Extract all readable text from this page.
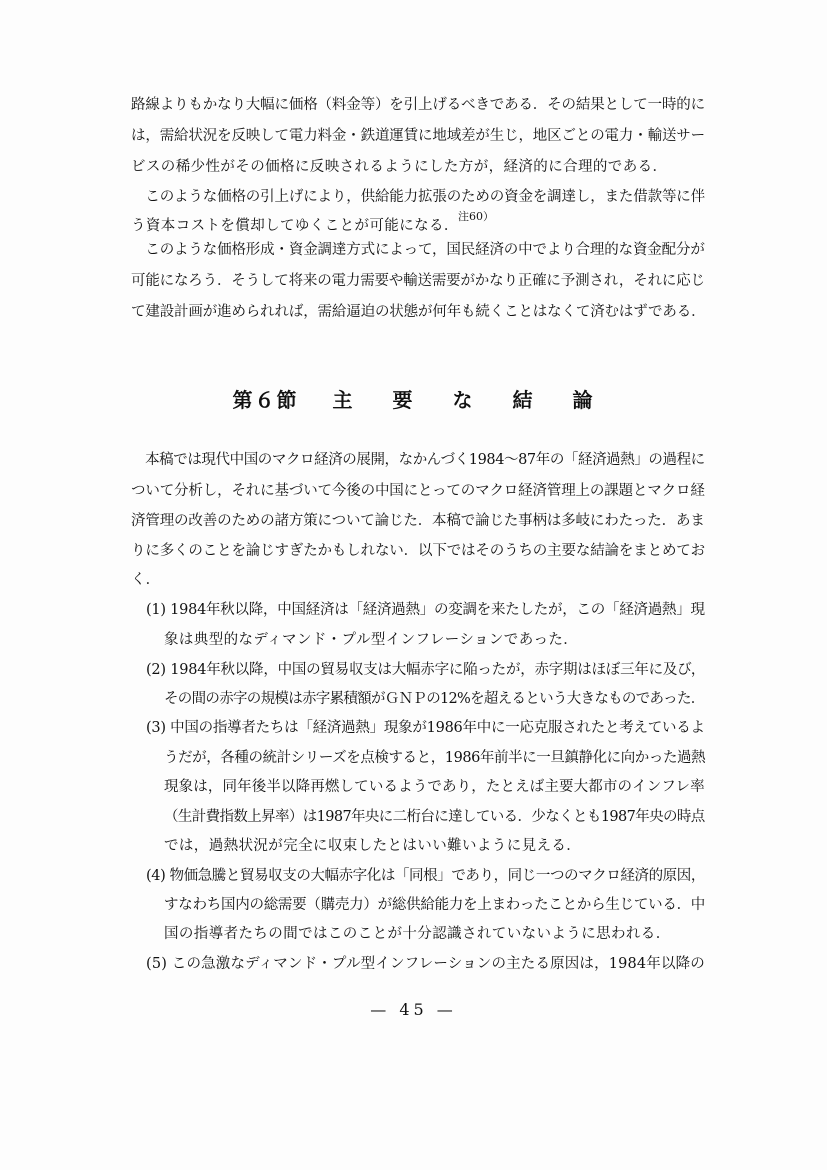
路線よりもかなり大幅に価格（料金等）を引上げるべきである．その結果として一時的に
は，需給状況を反映して電力料金・鉄道運賃に地域差が生じ，地区ごとの電力・輸送サー
ビスの稀少性がその価格に反映されるようにした方が，経済的に合理的である．
　このような価格の引上げにより，供給能力拡張のための資金を調達し，また借款等に伴
う資本コストを償却してゆくことが可能になる．
注60）
　このような価格形成・資金調達方式によって，国民経済の中でより合理的な資金配分が
可能になろう．そうして将来の電力需要や輸送需要がかなり正確に予測され，それに応じ
て建設計画が進められれば，需給逼迫の状態が何年も続くことはなくて済むはずである．
第６節 主 要 な 結 論
　本稿では現代中国のマクロ経済の展開，なかんづく1984～87年の「経済過熱」の過程に
ついて分析し，それに基づいて今後の中国にとってのマクロ経済管理上の課題とマクロ経
済管理の改善のための諸方策について論じた．本稿で論じた事柄は多岐にわたった．あま
りに多くのことを論じすぎたかもしれない．以下ではそのうちの主要な結論をまとめてお
く．
(1) 1984年秋以降，中国経済は「経済過熱」の変調を来たしたが，この「経済過熱」現
象は典型的なディマンド・プル型インフレーションであった．
(2) 1984年秋以降，中国の貿易収支は大幅赤字に陥ったが，赤字期はほぼ三年に及び，
その間の赤字の規模は赤字累積額がＧＮＰの12%を超えるという大きなものであった．
(3) 中国の指導者たちは「経済過熱」現象が1986年中に一応克服されたと考えているよ
うだが，各種の統計シリーズを点検すると，1986年前半に一旦鎮静化に向かった過熱
現象は，同年後半以降再燃しているようであり，たとえば主要大都市のインフレ率
（生計費指数上昇率）は1987年央に二桁台に達している．少なくとも1987年央の時点
では，過熱状況が完全に収束したとはいい難いように見える．
(4) 物価急騰と貿易収支の大幅赤字化は「同根」であり，同じ一つのマクロ経済的原因，
すなわち国内の総需要（購売力）が総供給能力を上まわったことから生じている．中
国の指導者たちの間ではこのことが十分認識されていないように思われる．
(5) この急激なディマンド・プル型インフレーションの主たる原因は，1984年以降の
— 45 —
